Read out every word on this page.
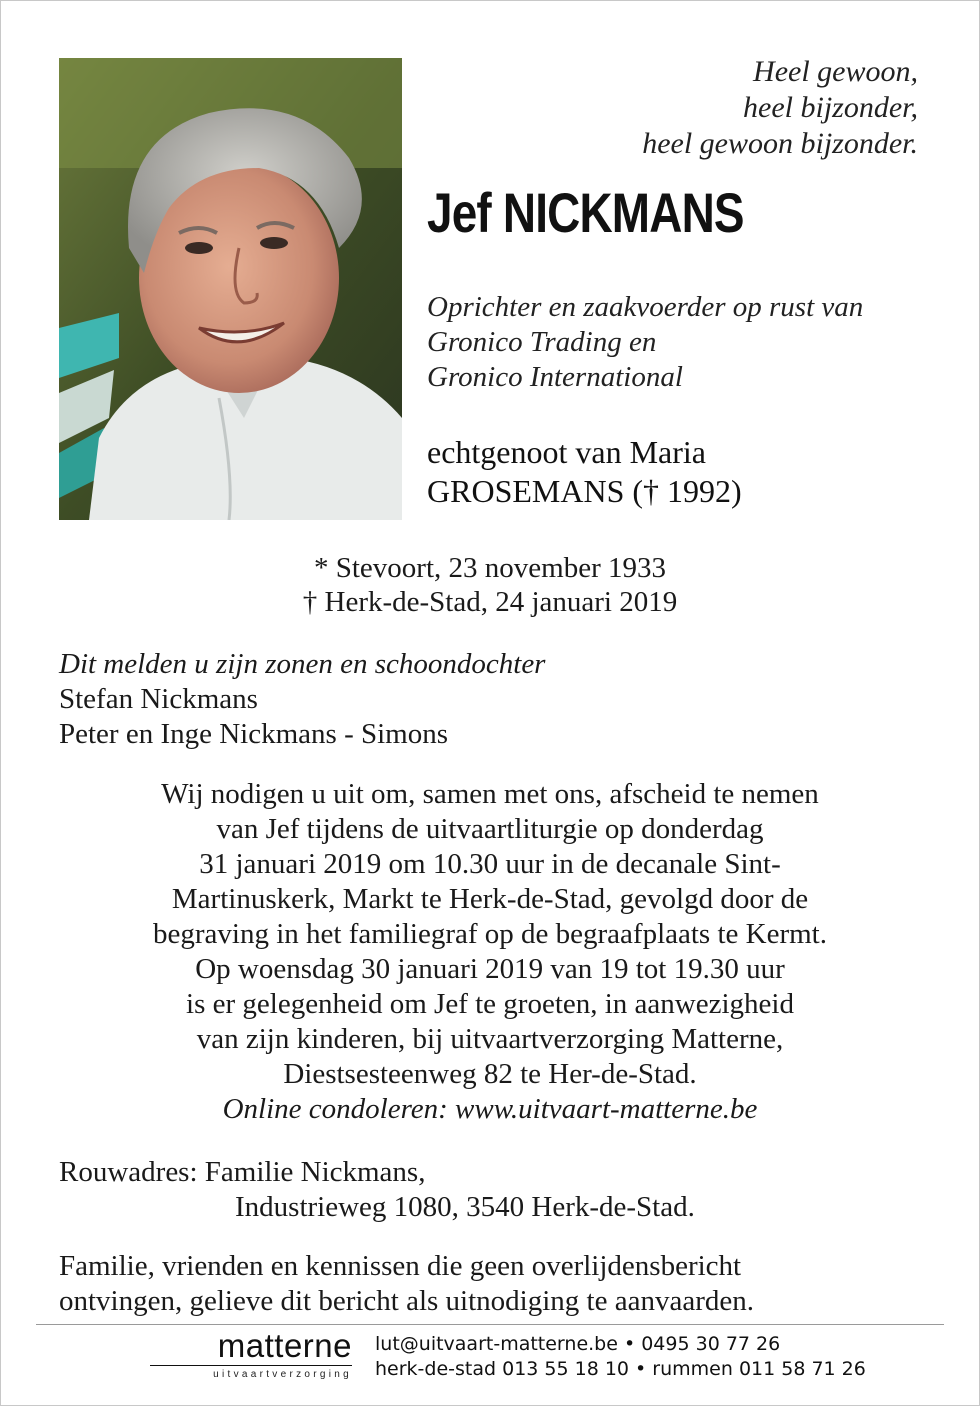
Heel gewoon,
heel bijzonder,
heel gewoon bijzonder.
Jef NICKMANS
Oprichter en zaakvoerder op rust van
Gronico Trading en
Gronico International
echtgenoot van Maria
GROSEMANS († 1992)
* Stevoort, 23 november 1933
† Herk-de-Stad, 24 januari 2019
Dit melden u zijn zonen en schoondochter
Stefan Nickmans
Peter en Inge Nickmans - Simons
Wij nodigen u uit om, samen met ons, afscheid te nemen
van Jef tijdens de uitvaartliturgie op donderdag
31 januari 2019 om 10.30 uur in de decanale Sint-
Martinuskerk, Markt te Herk-de-Stad, gevolgd door de
begraving in het familiegraf op de begraafplaats te Kermt.
Op woensdag 30 januari 2019 van 19 tot 19.30 uur
is er gelegenheid om Jef te groeten, in aanwezigheid
van zijn kinderen, bij uitvaartverzorging Matterne,
Diestsesteenweg 82 te Her-de-Stad.
Online condoleren: www.uitvaart-matterne.be
Rouwadres: Familie Nickmans,
Industrieweg 1080, 3540 Herk-de-Stad.
Familie, vrienden en kennissen die geen overlijdensbericht
ontvingen, gelieve dit bericht als uitnodiging te aanvaarden.
matterne
uitvaartverzorging
lut@uitvaart-matterne.be • 0495 30 77 26
herk-de-stad 013 55 18 10 • rummen 011 58 71 26
